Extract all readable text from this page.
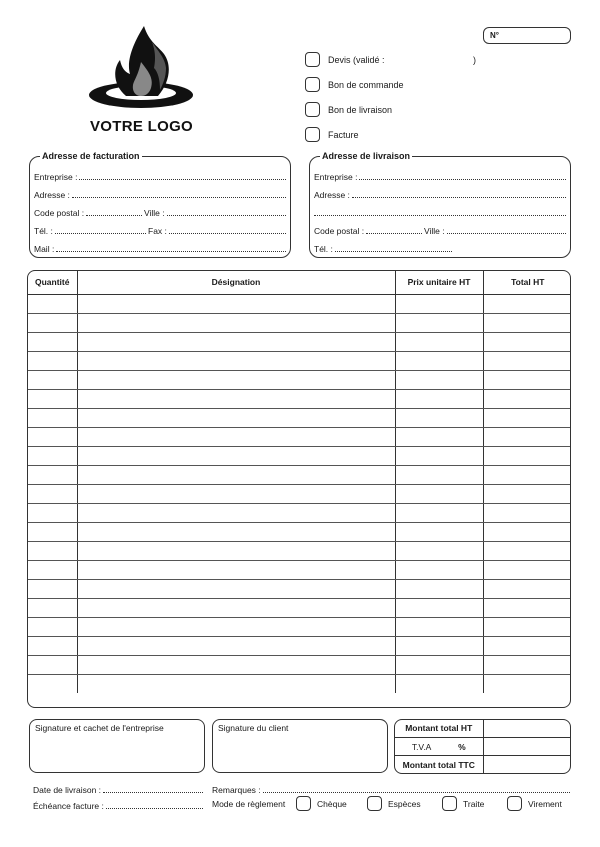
VOTRE LOGO
N°
Devis (validé :	)
Bon de commande
Bon de livraison
Facture
Adresse de facturation
Entreprise :
Adresse :
Code postal :	Ville :
Tél. :	Fax :
Mail :
Adresse de livraison
Entreprise :
Adresse :
Code postal :	Ville :
Tél. :
Quantité	Désignation	Prix unitaire HT	Total HT

Signature et cachet de l'entreprise	Signature du client	Montant total HT	
T.V.A %	
Montant total TTC	
Date de livraison :
Échéance facture :
Remarques :
Mode de règlement	Chèque	Espèces	Traite	Virement
